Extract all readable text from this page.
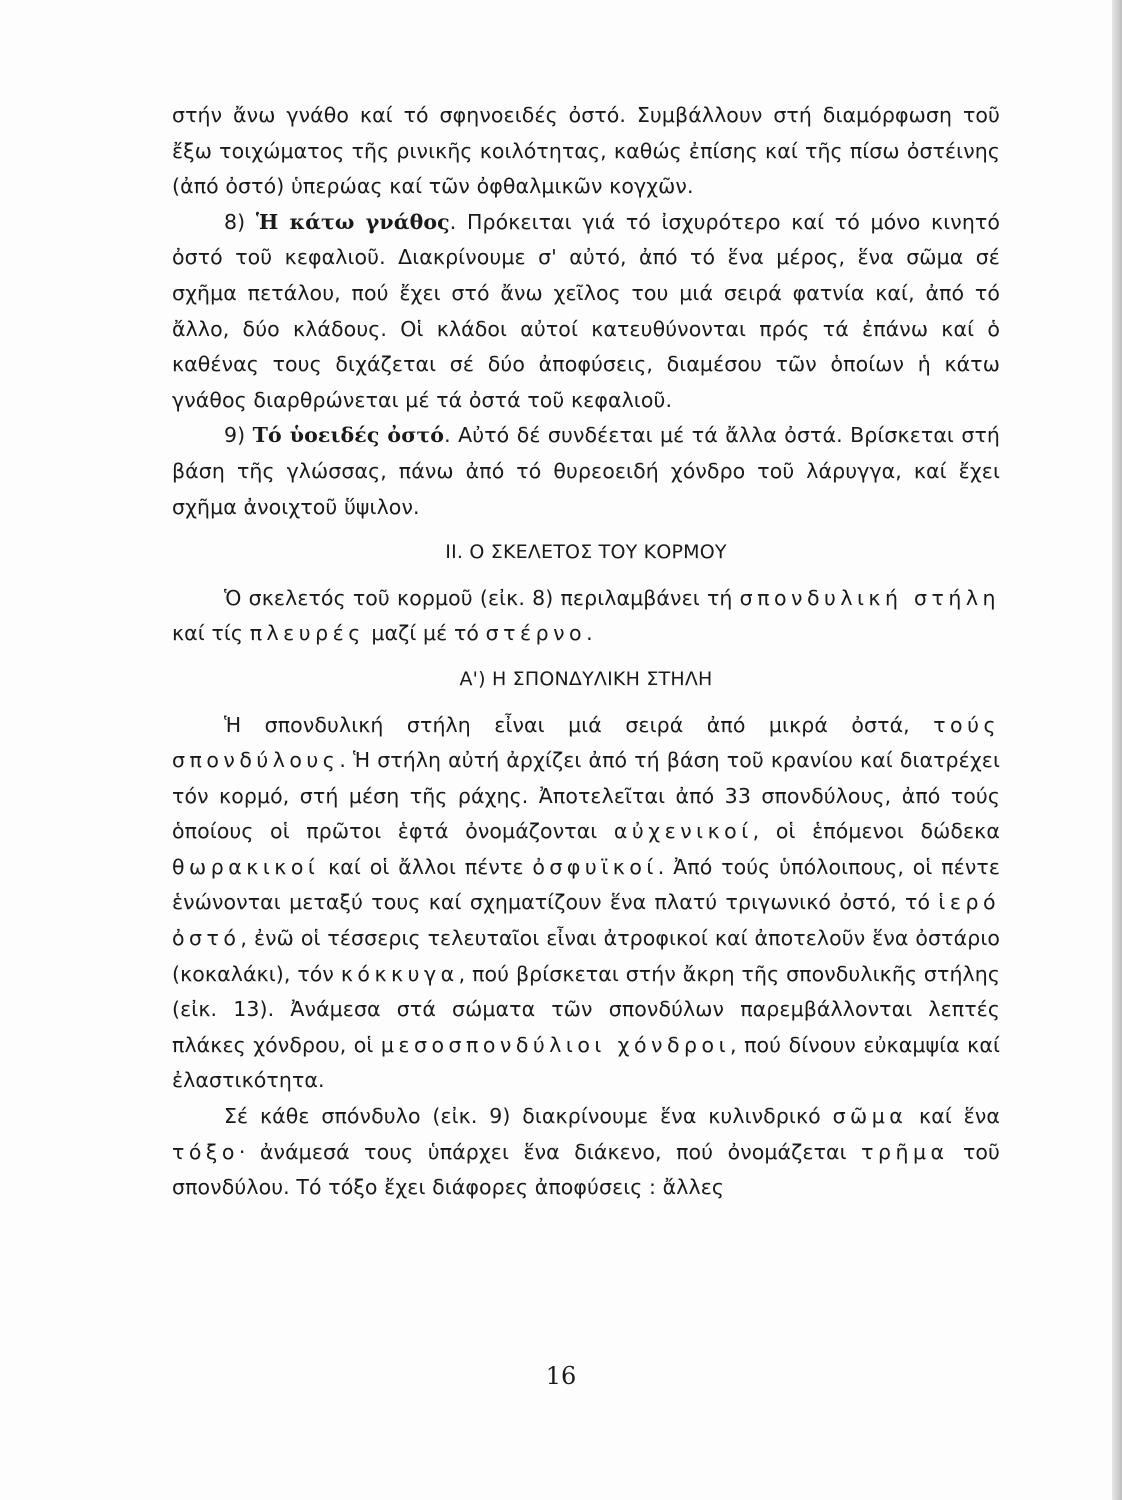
στήν ἄνω γνάθο καί τό σφηνοειδές ὀστό. Συμβάλλουν στή διαμόρφωση τοῦ ἔξω τοιχώματος τῆς ρινικῆς κοιλότητας, καθώς ἐπίσης καί τῆς πίσω ὀστέινης (ἀπό ὀστό) ὑπερώας καί τῶν ὀφθαλμικῶν κογχῶν.

8) Ἡ κάτω γνάθος. Πρόκειται γιά τό ἰσχυρότερο καί τό μόνο κινητό ὀστό τοῦ κεφαλιοῦ. Διακρίνουμε σ' αὐτό, ἀπό τό ἕνα μέρος, ἕνα σῶμα σέ σχῆμα πετάλου, πού ἔχει στό ἄνω χεῖλος του μιά σειρά φατνία καί, ἀπό τό ἄλλο, δύο κλάδους. Οἱ κλάδοι αὐτοί κατευθύνονται πρός τά ἐπάνω καί ὁ καθένας τους διχάζεται σέ δύο ἀποφύσεις, διαμέσου τῶν ὁποίων ἡ κάτω γνάθος διαρθρώνεται μέ τά ὀστά τοῦ κεφαλιοῦ.

9) Τό ὑοειδές ὀστό. Αὐτό δέ συνδέεται μέ τά ἄλλα ὀστά. Βρίσκεται στή βάση τῆς γλώσσας, πάνω ἀπό τό θυρεοειδή χόνδρο τοῦ λάρυγγα, καί ἔχει σχῆμα ἀνοιχτοῦ ὕψιλον.

II. Ο ΣΚΕΛΕΤΟΣ ΤΟΥ ΚΟΡΜΟΥ

Ὁ σκελετός τοῦ κορμοῦ (εἰκ. 8) περιλαμβάνει τή σπονδυλική στήλη καί τίς πλευρές μαζί μέ τό στέρνο.

Α') Η ΣΠΟΝΔΥΛΙΚΗ ΣΤΗΛΗ

Ἡ σπονδυλική στήλη εἶναι μιά σειρά ἀπό μικρά ὀστά, τούς σπονδύλους. Ἡ στήλη αὐτή ἀρχίζει ἀπό τή βάση τοῦ κρανίου καί διατρέχει τόν κορμό, στή μέση τῆς ράχης. Ἀποτελεῖται ἀπό 33 σπονδύλους, ἀπό τούς ὁποίους οἱ πρῶτοι ἑφτά ὀνομάζονται αὐχενικοί, οἱ ἑπόμενοι δώδεκα θωρακικοί καί οἱ ἄλλοι πέντε ὀσφυϊκοί. Ἀπό τούς ὑπόλοιπους, οἱ πέντε ἑνώνονται μεταξύ τους καί σχηματίζουν ἕνα πλατύ τριγωνικό ὀστό, τό ἱερό ὀστό, ἐνῶ οἱ τέσσερις τελευταῖοι εἶναι ἀτροφικοί καί ἀποτελοῦν ἕνα ὀστάριο (κοκαλάκι), τόν κόκκυγα, πού βρίσκεται στήν ἄκρη τῆς σπονδυλικῆς στήλης (εἰκ. 13). Ἀνάμεσα στά σώματα τῶν σπονδύλων παρεμβάλλονται λεπτές πλάκες χόνδρου, οἱ μεσοσπονδύλιοι χόνδροι, πού δίνουν εὐκαμψία καί ἐλαστικότητα.

Σέ κάθε σπόνδυλο (εἰκ. 9) διακρίνουμε ἕνα κυλινδρικό σῶμα καί ἕνα τόξο· ἀνάμεσά τους ὑπάρχει ἕνα διάκενο, πού ὀνομάζεται τρῆμα τοῦ σπονδύλου. Τό τόξο ἔχει διάφορες ἀποφύσεις : ἄλλες

16
